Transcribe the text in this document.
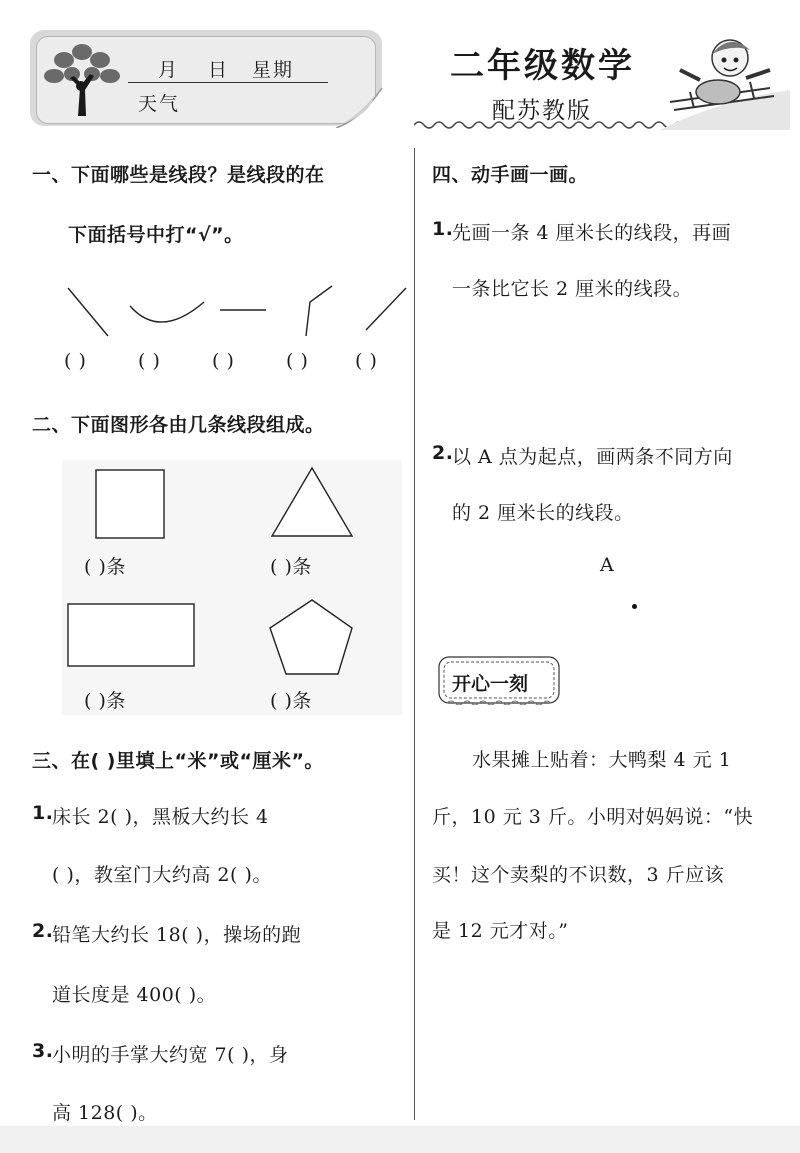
月 日 星期
天气
二年级数学
配苏教版
一、下面哪些是线段？是线段的在
下面括号中打“√”。
( )	( )	( )	( ) ( )
二、下面图形各由几条线段组成。
( )条	( )条
( )条	( )条
三、在( )里填上“米”或“厘米”。
1.
床长 2( )，黑板大约长 4
( )，教室门大约高 2( )。
2.
铅笔大约长 18( )，操场的跑
道长度是 400( )。
3.
小明的手掌大约宽 7( )，身
高 128( )。
四、动手画一画。
1.
先画一条 4 厘米长的线段，再画
一条比它长 2 厘米的线段。
2.
以 A 点为起点，画两条不同方向
的 2 厘米长的线段。
A
开心一刻
水果摊上贴着：大鸭梨 4 元 1
斤，10 元 3 斤。小明对妈妈说：“快
买！这个卖梨的不识数，3 斤应该
是 12 元才对。”
